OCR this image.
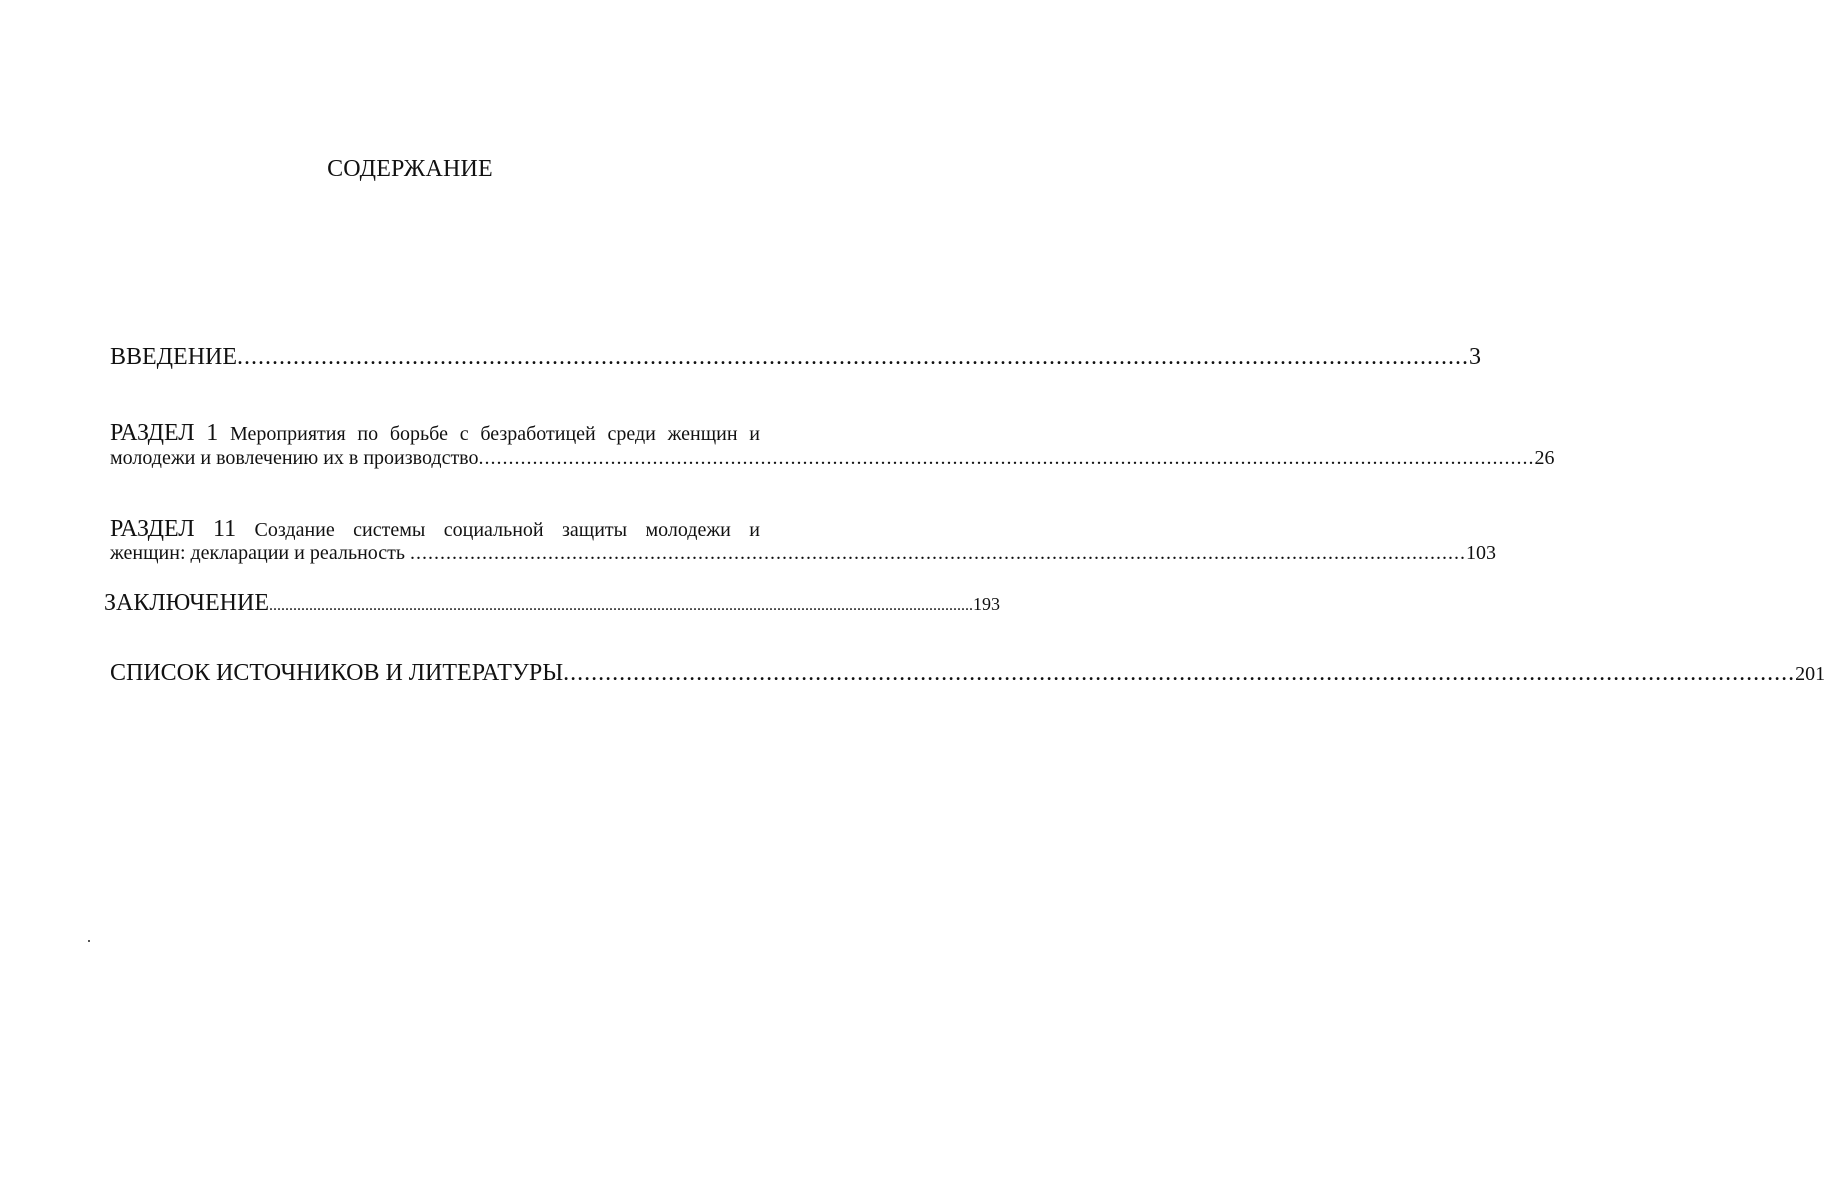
СОДЕРЖАНИЕ
ВВЕДЕНИЕ ................................................................................................................................................................................ 3
РАЗДЕЛ 1 Мероприятия по борьбе с безработицей среди женщин и
молодежи и вовлечению их в производство ................................................................................................................................................................................ 26
РАЗДЕЛ 11 Создание системы социальной защиты молодежи и
женщин: декларации и реальность ................................................................................................................................................................................ 103
ЗАКЛЮЧЕНИЕ ................................................................................................................................................................................ 193
СПИСОК ИСТОЧНИКОВ И ЛИТЕРАТУРЫ ................................................................................................................................................................................ 201
